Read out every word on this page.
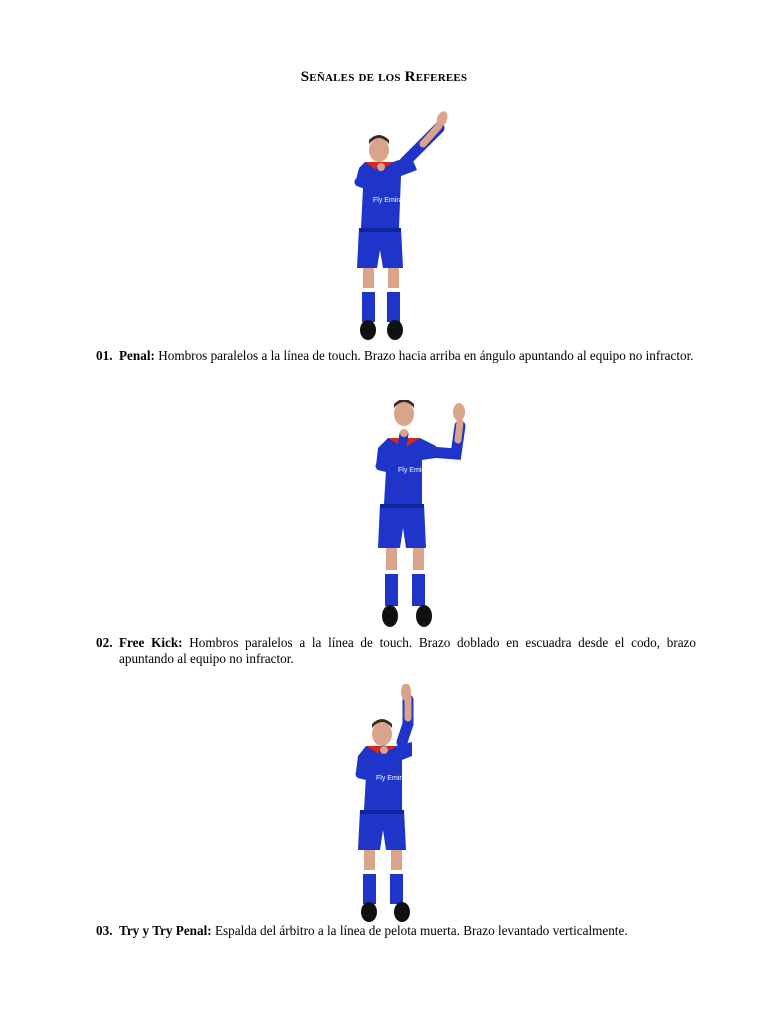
Señales de los Referees
Fly Emirates
01. Penal: Hombros paralelos a la línea de touch. Brazo hacia arriba en ángulo apuntando al equipo no infractor.
Fly Emirates
02. Free Kick: Hombros paralelos a la línea de touch. Brazo doblado en escuadra desde el codo, brazo apuntando al equipo no infractor.
Fly Emirates
03. Try y Try Penal: Espalda del árbitro a la línea de pelota muerta. Brazo levantado verticalmente.
